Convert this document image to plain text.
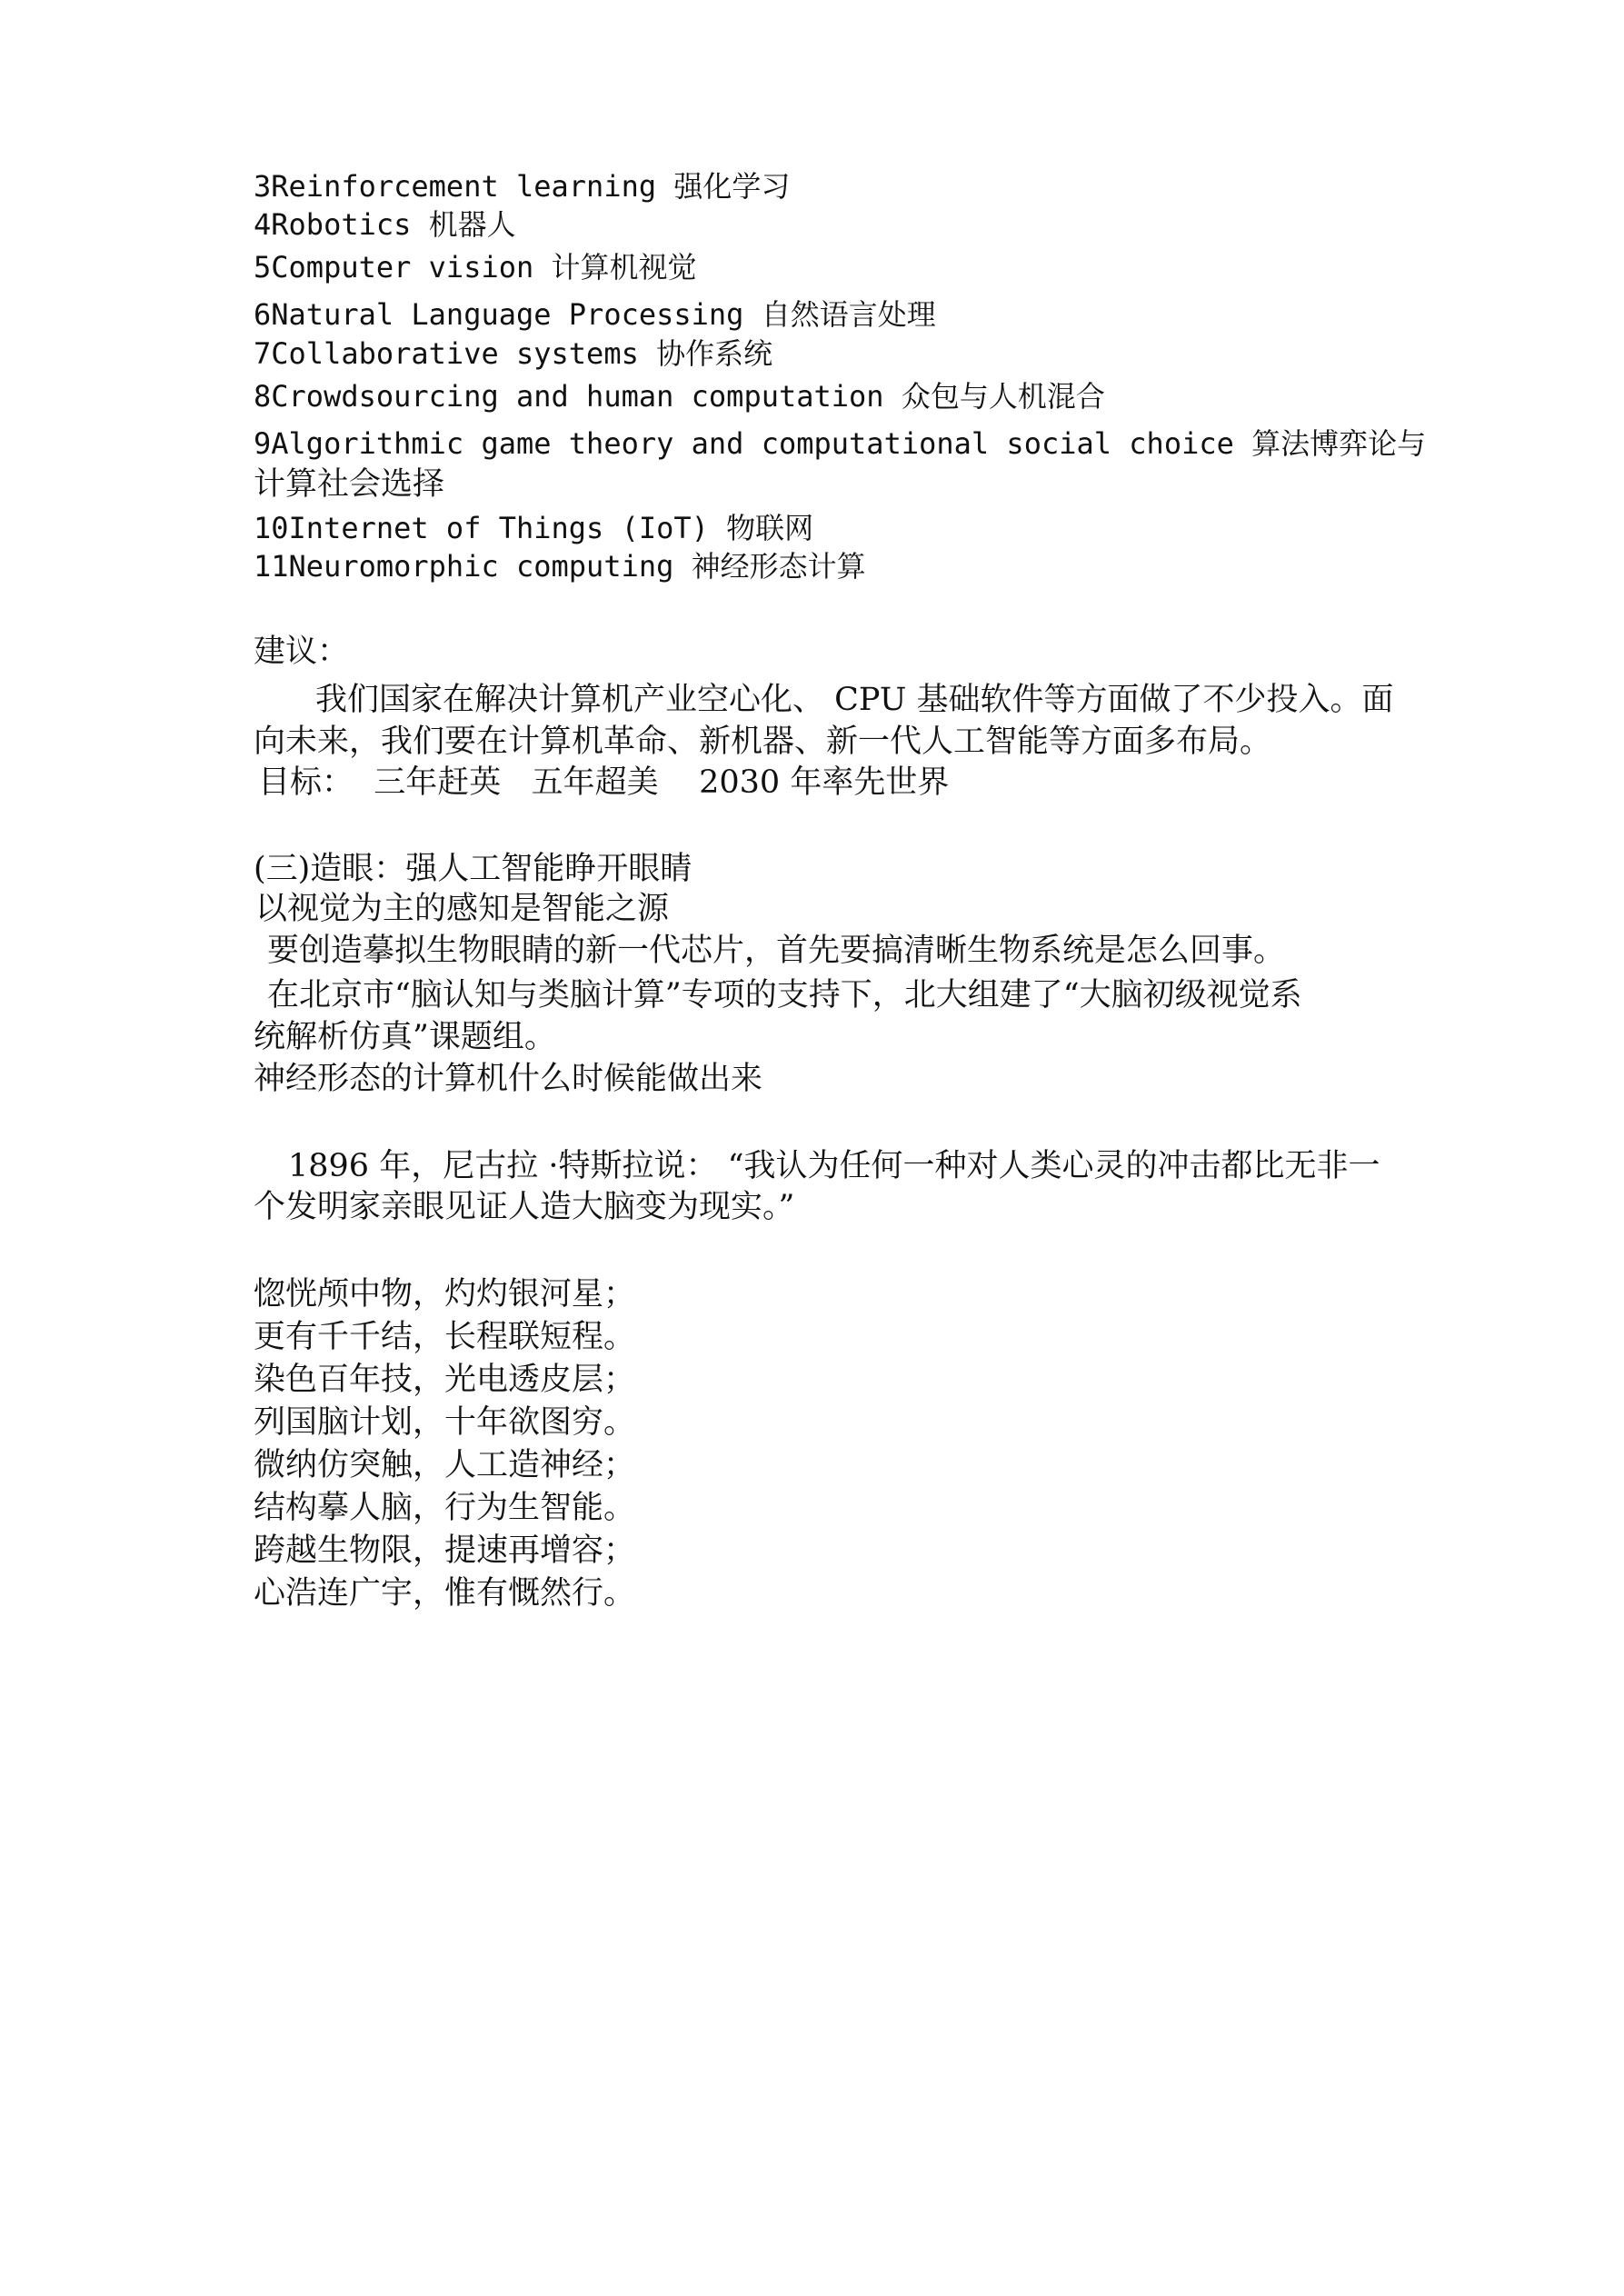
3Reinforcement learning 强化学习
4Robotics 机器人
5Computer vision 计算机视觉
6Natural Language Processing 自然语言处理
7Collaborative systems 协作系统
8Crowdsourcing and human computation 众包与人机混合
9Algorithmic game theory and computational social choice 算法博弈论与
计算社会选择
10Internet of Things (IoT) 物联网
11Neuromorphic computing 神经形态计算
建议：
我们国家在解决计算机产业空心化、 CPU 基础软件等方面做了不少投入。面
向未来，我们要在计算机革命、新机器、新一代人工智能等方面多布局。
目标：  三年赶英   五年超美    2030 年率先世界
(三)造眼：强人工智能睁开眼睛
以视觉为主的感知是智能之源
要创造摹拟生物眼睛的新一代芯片，首先要搞清晰生物系统是怎么回事。
在北京市“脑认知与类脑计算”专项的支持下，北大组建了“大脑初级视觉系
统解析仿真”课题组。
神经形态的计算机什么时候能做出来
1896 年，尼古拉 ·特斯拉说： “我认为任何一种对人类心灵的冲击都比无非一
个发明家亲眼见证人造大脑变为现实。”
惚恍颅中物，灼灼银河星；
更有千千结，长程联短程。
染色百年技，光电透皮层；
列国脑计划，十年欲图穷。
微纳仿突触，人工造神经；
结构摹人脑，行为生智能。
跨越生物限，提速再增容；
心浩连广宇，惟有慨然行。
